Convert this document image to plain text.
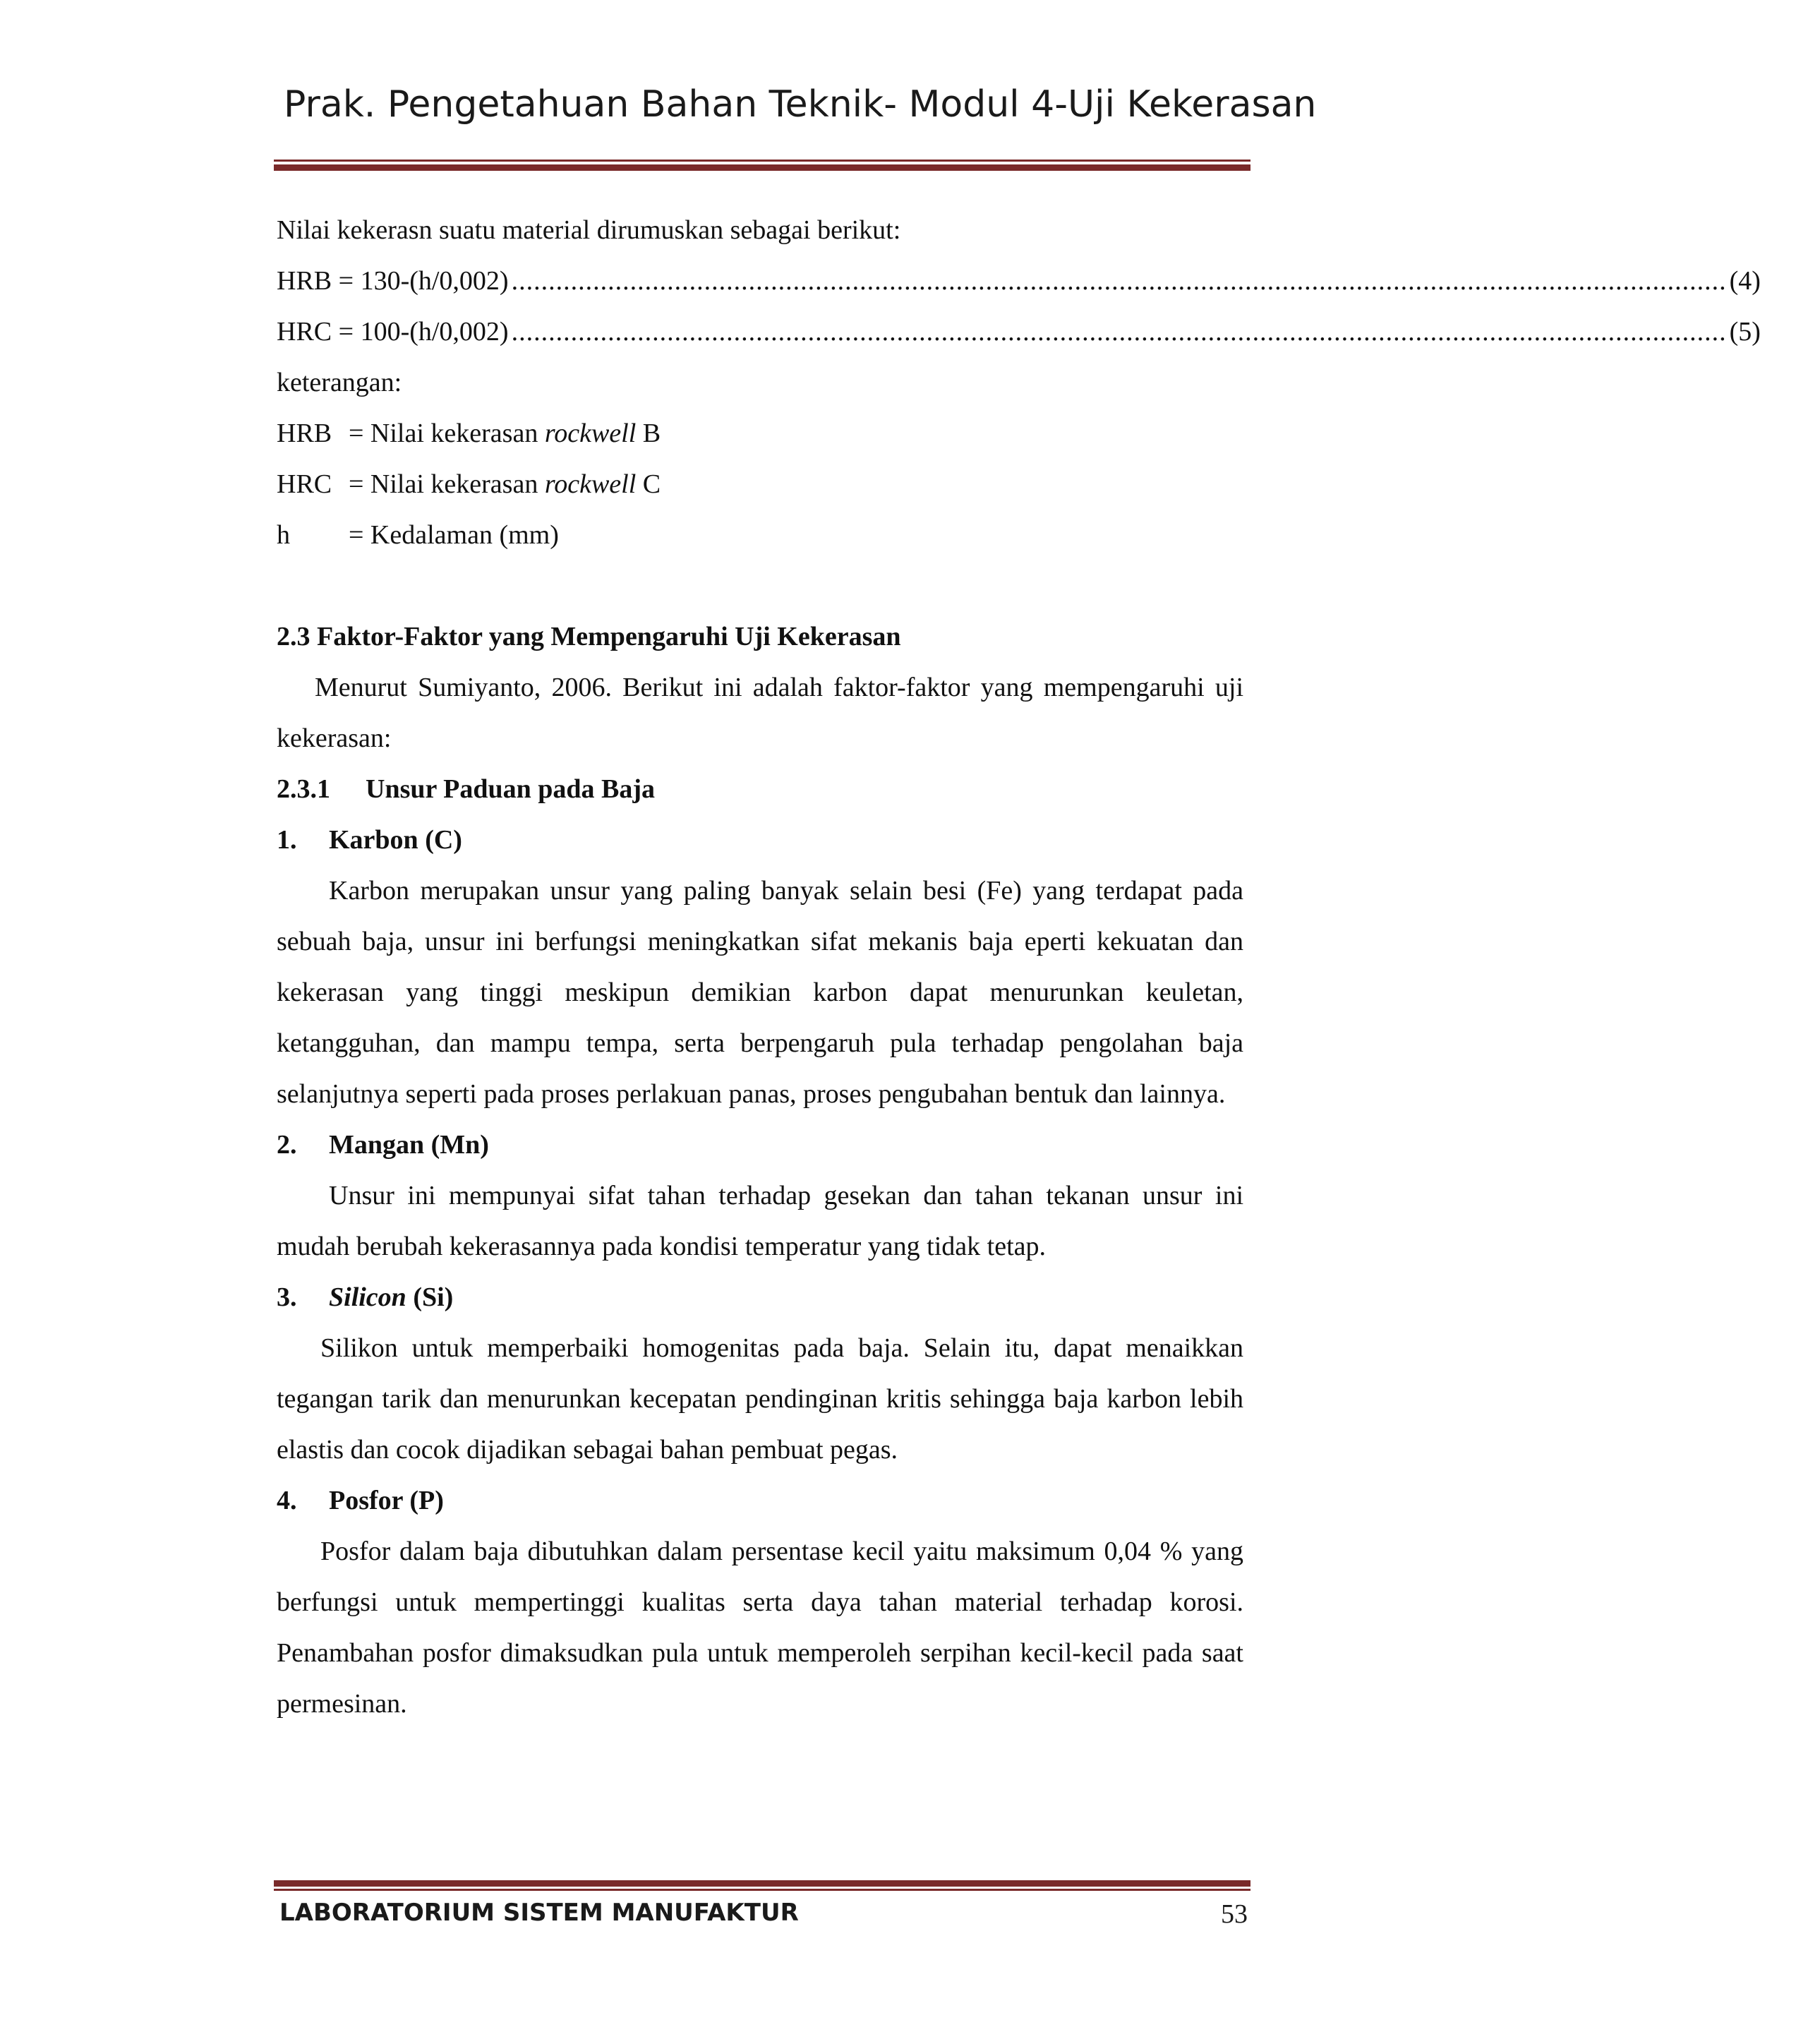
Prak. Pengetahuan Bahan Teknik- Modul 4-Uji Kekerasan
Nilai kekerasn suatu material dirumuskan sebagai berikut:
HRB = 130-(h/0,002) .................................................................................................................................................................... (4)
HRC = 100-(h/0,002) .................................................................................................................................................................... (5)
keterangan:
HRB = Nilai kekerasan rockwell B
HRC = Nilai kekerasan rockwell C
h	= Kedalaman (mm)
2.3 Faktor-Faktor yang Mempengaruhi Uji Kekerasan

Menurut Sumiyanto, 2006. Berikut ini adalah faktor-faktor yang mempengaruhi uji kekerasan:

2.3.1	Unsur Paduan pada Baja
1.	Karbon (C)

Karbon merupakan unsur yang paling banyak selain besi (Fe) yang terdapat pada sebuah baja, unsur ini berfungsi meningkatkan sifat mekanis baja eperti kekuatan dan kekerasan yang tinggi meskipun demikian karbon dapat menurunkan keuletan, ketangguhan, dan mampu tempa, serta berpengaruh pula terhadap pengolahan baja selanjutnya seperti pada proses perlakuan panas, proses pengubahan bentuk dan lainnya.

2.	Mangan (Mn)

Unsur ini mempunyai sifat tahan terhadap gesekan dan tahan tekanan unsur ini mudah berubah kekerasannya pada kondisi temperatur yang tidak tetap.

3.	Silicon (Si)

Silikon untuk memperbaiki homogenitas pada baja. Selain itu, dapat menaikkan tegangan tarik dan menurunkan kecepatan pendinginan kritis sehingga baja karbon lebih elastis dan cocok dijadikan sebagai bahan pembuat pegas.

4.	Posfor (P)

Posfor dalam baja dibutuhkan dalam persentase kecil yaitu maksimum 0,04 % yang berfungsi untuk mempertinggi kualitas serta daya tahan material terhadap korosi. Penambahan posfor dimaksudkan pula untuk memperoleh serpihan kecil-kecil pada saat permesinan.

LABORATORIUM SISTEM MANUFAKTUR	53
